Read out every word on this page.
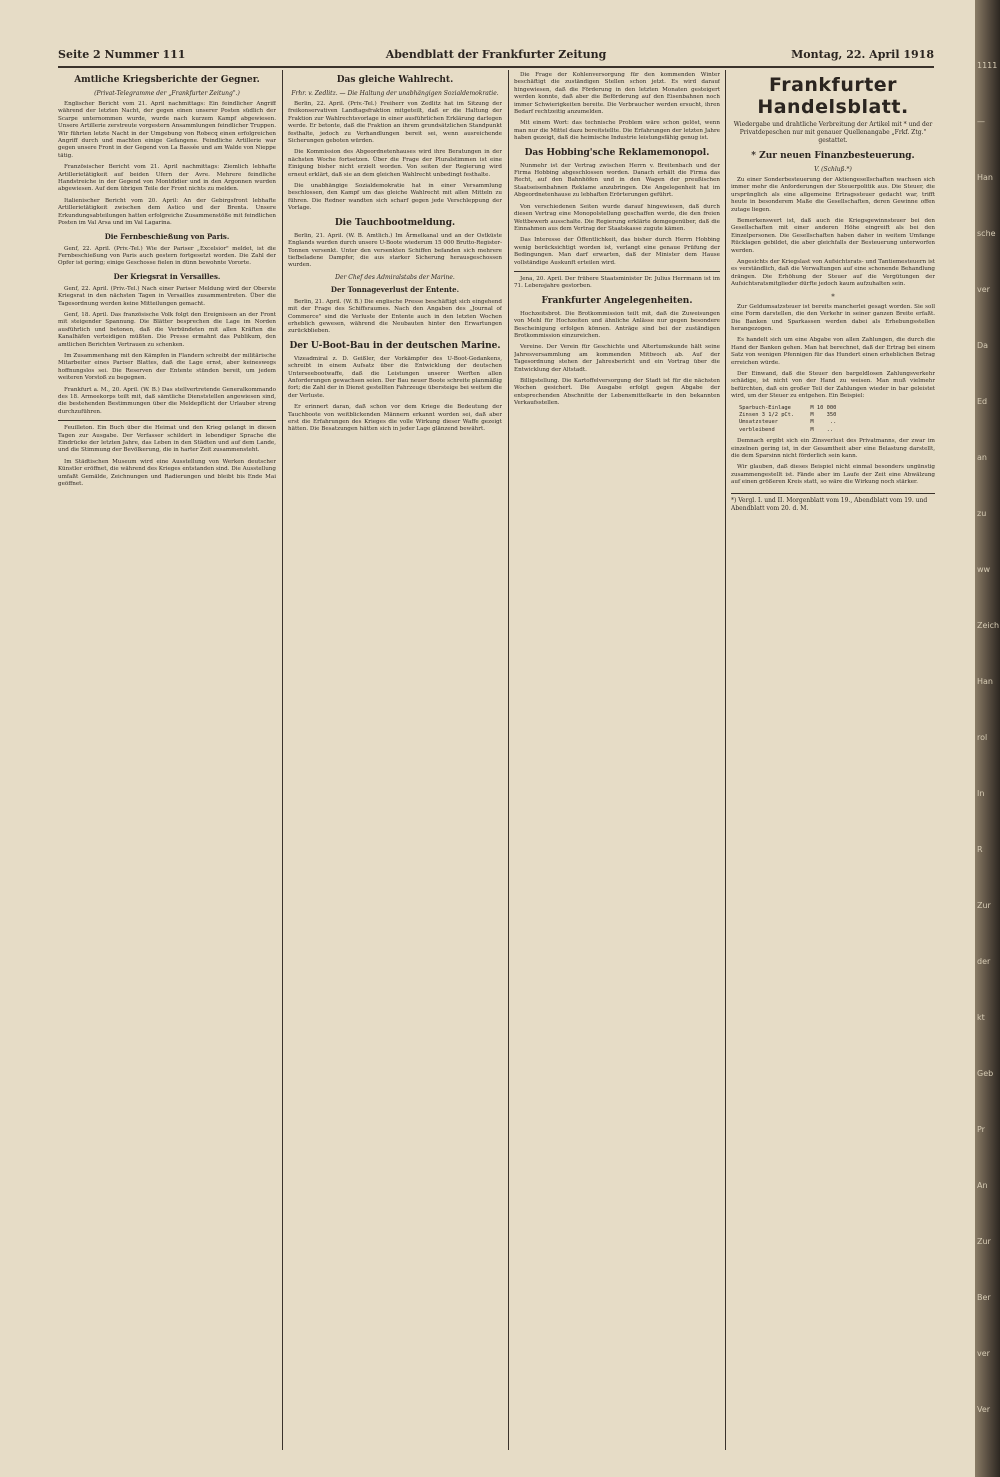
Seite 2 Nummer 111	Abendblatt der Frankfurter Zeitung	Montag, 22. April 1918
Amtliche Kriegsberichte der Gegner.
(Privat-Telegramme der „Frankfurter Zeitung".)

Englischer Bericht vom 21. April nachmittags: Ein feindlicher Angriff während der letzten Nacht, der gegen einen unserer Posten südlich der Scarpe unternommen wurde, wurde nach kurzem Kampf abgewiesen. Unsere Artillerie zerstreute vorgestern Ansammlungen feindlicher Truppen. Wir führten letzte Nacht in der Umgebung von Robecq einen erfolgreichen Angriff durch und machten einige Gefangene. Feindliche Artillerie war gegen unsere Front in der Gegend von La Bassée und am Walde von Nieppe tätig.

Französischer Bericht vom 21. April nachmittags: Ziemlich lebhafte Artillerietätigkeit auf beiden Ufern der Avre. Mehrere feindliche Handstreiche in der Gegend von Montdidier und in den Argonnen wurden abgewiesen. Auf dem übrigen Teile der Front nichts zu melden.

Italienischer Bericht vom 20. April: An der Gebirgsfront lebhafte Artillerietätigkeit zwischen dem Astico und der Brenta. Unsere Erkundungsabteilungen hatten erfolgreiche Zusammenstöße mit feindlichen Posten im Val Arsa und im Val Lagarina.

Die Fernbeschießung von Paris.

Genf, 22. April. (Priv.-Tel.) Wie der Pariser „Excelsior" meldet, ist die Fernbeschießung von Paris auch gestern fortgesetzt worden. Die Zahl der Opfer ist gering; einige Geschosse fielen in dünn bewohnte Vororte.

Der Kriegsrat in Versailles.

Genf, 22. April. (Priv.-Tel.) Nach einer Pariser Meldung wird der Oberste Kriegsrat in den nächsten Tagen in Versailles zusammentreten. Über die Tagesordnung werden keine Mitteilungen gemacht.

Genf, 18. April. Das französische Volk folgt den Ereignissen an der Front mit steigender Spannung. Die Blätter besprechen die Lage im Norden ausführlich und betonen, daß die Verbündeten mit allen Kräften die Kanalhäfen verteidigen müßten. Die Presse ermahnt das Publikum, den amtlichen Berichten Vertrauen zu schenken.

Im Zusammenhang mit den Kämpfen in Flandern schreibt der militärische Mitarbeiter eines Pariser Blattes, daß die Lage ernst, aber keineswegs hoffnungslos sei. Die Reserven der Entente stünden bereit, um jedem weiteren Vorstoß zu begegnen.

Frankfurt a. M., 20. April. (W. B.) Das stellvertretende Generalkommando des 18. Armeekorps teilt mit, daß sämtliche Dienststellen angewiesen sind, die bestehenden Bestimmungen über die Meldepflicht der Urlauber streng durchzuführen.

Feuilleton. Ein Buch über die Heimat und den Krieg gelangt in diesen Tagen zur Ausgabe. Der Verfasser schildert in lebendiger Sprache die Eindrücke der letzten Jahre, das Leben in den Städten und auf dem Lande, und die Stimmung der Bevölkerung, die in harter Zeit zusammensteht.

Im Städtischen Museum wird eine Ausstellung von Werken deutscher Künstler eröffnet, die während des Krieges entstanden sind. Die Ausstellung umfaßt Gemälde, Zeichnungen und Radierungen und bleibt bis Ende Mai geöffnet.

Das gleiche Wahlrecht.
Frhr. v. Zedlitz. — Die Haltung der unabhängigen Sozialdemokratie.

Berlin, 22. April. (Priv.-Tel.) Freiherr von Zedlitz hat im Sitzung der freikonservativen Landtagsfraktion mitgeteilt, daß er die Haltung der Fraktion zur Wahlrechtsvorlage in einer ausführlichen Erklärung darlegen werde. Er betonte, daß die Fraktion an ihrem grundsätzlichen Standpunkt festhalte, jedoch zu Verhandlungen bereit sei, wenn ausreichende Sicherungen geboten würden.

Die Kommission des Abgeordnetenhauses wird ihre Beratungen in der nächsten Woche fortsetzen. Über die Frage der Pluralstimmen ist eine Einigung bisher nicht erzielt worden. Von seiten der Regierung wird erneut erklärt, daß sie an dem gleichen Wahlrecht unbedingt festhalte.

Die unabhängige Sozialdemokratie hat in einer Versammlung beschlossen, den Kampf um das gleiche Wahlrecht mit allen Mitteln zu führen. Die Redner wandten sich scharf gegen jede Verschleppung der Vorlage.

Die Tauchbootmeldung.

Berlin, 21. April. (W. B. Amtlich.) Im Ärmelkanal und an der Ostküste Englands wurden durch unsere U-Boote wiederum 15 000 Brutto-Register-Tonnen versenkt. Unter den versenkten Schiffen befanden sich mehrere tiefbeladene Dampfer, die aus starker Sicherung herausgeschossen wurden.

Der Chef des Admiralstabs der Marine.
Der Tonnageverlust der Entente.

Berlin, 21. April. (W. B.) Die englische Presse beschäftigt sich eingehend mit der Frage des Schiffsraumes. Nach den Angaben des „Journal of Commerce" sind die Verluste der Entente auch in den letzten Wochen erheblich gewesen, während die Neubauten hinter den Erwartungen zurückblieben.

Der U-Boot-Bau in der deutschen Marine.

Vizeadmiral z. D. Geißler, der Vorkämpfer des U-Boot-Gedankens, schreibt in einem Aufsatz über die Entwicklung der deutschen Unterseebootwaffe, daß die Leistungen unserer Werften allen Anforderungen gewachsen seien. Der Bau neuer Boote schreite planmäßig fort; die Zahl der in Dienst gestellten Fahrzeuge übersteige bei weitem die der Verluste.

Er erinnert daran, daß schon vor dem Kriege die Bedeutung der Tauchboote von weitblickenden Männern erkannt worden sei, daß aber erst die Erfahrungen des Krieges die volle Wirkung dieser Waffe gezeigt hätten. Die Besatzungen hätten sich in jeder Lage glänzend bewährt.

Die Frage der Kohlenversorgung für den kommenden Winter beschäftigt die zuständigen Stellen schon jetzt. Es wird darauf hingewiesen, daß die Förderung in den letzten Monaten gesteigert werden konnte, daß aber die Beförderung auf den Eisenbahnen noch immer Schwierigkeiten bereite. Die Verbraucher werden ersucht, ihren Bedarf rechtzeitig anzumelden.

Mit einem Wort: das technische Problem wäre schon gelöst, wenn man nur die Mittel dazu bereitstellte. Die Erfahrungen der letzten Jahre haben gezeigt, daß die heimische Industrie leistungsfähig genug ist.

Das Hobbing'sche Reklamemonopol.

Nunmehr ist der Vertrag zwischen Herrn v. Breitenbach und der Firma Hobbing abgeschlossen worden. Danach erhält die Firma das Recht, auf den Bahnhöfen und in den Wagen der preußischen Staatseisenbahnen Reklame anzubringen. Die Angelegenheit hat im Abgeordnetenhause zu lebhaften Erörterungen geführt.

Von verschiedenen Seiten wurde darauf hingewiesen, daß durch diesen Vertrag eine Monopolstellung geschaffen werde, die den freien Wettbewerb ausschalte. Die Regierung erklärte demgegenüber, daß die Einnahmen aus dem Vertrag der Staatskasse zugute kämen.

Das Interesse der Öffentlichkeit, das bisher durch Herrn Hobbing wenig berücksichtigt worden ist, verlangt eine genaue Prüfung der Bedingungen. Man darf erwarten, daß der Minister dem Hause vollständige Auskunft erteilen wird.

Jena, 20. April. Der frühere Staatsminister Dr. Julius Herrmann ist im 71. Lebensjahre gestorben.

Frankfurter Angelegenheiten.

Hochzeitsbrot. Die Brotkommission teilt mit, daß die Zuweisungen von Mehl für Hochzeiten und ähnliche Anlässe nur gegen besondere Bescheinigung erfolgen können. Anträge sind bei der zuständigen Brotkommission einzureichen.

Vereine. Der Verein für Geschichte und Altertumskunde hält seine Jahresversammlung am kommenden Mittwoch ab. Auf der Tagesordnung stehen der Jahresbericht und ein Vortrag über die Entwicklung der Altstadt.

Billigstellung. Die Kartoffelversorgung der Stadt ist für die nächsten Wochen gesichert. Die Ausgabe erfolgt gegen Abgabe der entsprechenden Abschnitte der Lebensmittelkarte in den bekannten Verkaufsstellen.

Frankfurter Handelsblatt.
Wiedergabe und drahtliche Verbreitung der Artikel mit * und der Privatdepeschen nur mit genauer Quellenangabe „Frkf. Ztg." gestattet.
* Zur neuen Finanzbesteuerung.
V. (Schluß.*)

Zu einer Sonderbesteuerung der Aktiengesellschaften wachsen sich immer mehr die Anforderungen der Steuerpolitik aus. Die Steuer, die ursprünglich als eine allgemeine Ertragssteuer gedacht war, trifft heute in besonderem Maße die Gesellschaften, deren Gewinne offen zutage liegen.

Bemerkenswert ist, daß auch die Kriegsgewinnsteuer bei den Gesellschaften mit einer anderen Höhe eingreift als bei den Einzelpersonen. Die Gesellschaften haben daher in weitem Umfange Rücklagen gebildet, die aber gleichfalls der Besteuerung unterworfen werden.

Angesichts der Kriegslast von Aufsichtsrats- und Tantiemesteuern ist es verständlich, daß die Verwaltungen auf eine schonende Behandlung drängen. Die Erhöhung der Steuer auf die Vergütungen der Aufsichtsratsmitglieder dürfte jedoch kaum aufzuhalten sein.

*

Zur Geldumsatzsteuer ist bereits mancherlei gesagt worden. Sie soll eine Form darstellen, die den Verkehr in seiner ganzen Breite erfaßt. Die Banken und Sparkassen werden dabei als Erhebungsstellen herangezogen.

Es handelt sich um eine Abgabe von allen Zahlungen, die durch die Hand der Banken gehen. Man hat berechnet, daß der Ertrag bei einem Satz von wenigen Pfennigen für das Hundert einen erheblichen Betrag erreichen würde.

Der Einwand, daß die Steuer den bargeldlosen Zahlungsverkehr schädige, ist nicht von der Hand zu weisen. Man muß vielmehr befürchten, daß ein großer Teil der Zahlungen wieder in bar geleistet wird, um der Steuer zu entgehen. Ein Beispiel:

Sparbuch-Einlage      M 10 000
Zinsen 3 1/2 pCt.     M    350
Umsatzsteuer          M     ..
verbleibend           M    ..

Demnach ergibt sich ein Zinsverlust des Privatmanns, der zwar im einzelnen gering ist, in der Gesamtheit aber eine Belastung darstellt, die dem Sparsinn nicht förderlich sein kann.

Wir glauben, daß dieses Beispiel nicht einmal besonders ungünstig zusammengestellt ist. Fände aber im Laufe der Zeit eine Abwälzung auf einen größeren Kreis statt, so wäre die Wirkung noch stärker.

*) Vergl. I. und II. Morgenblatt vom 19., Abendblatt vom 19. und Abendblatt vom 20. d. M.
1111
—
Han
sche
ver
Da
Ed
an
zu
ww
Zeich
Han
rol
In
R
Zur
der
kt
Geb
Pr
An
Zur
Ber
ver
Ver
